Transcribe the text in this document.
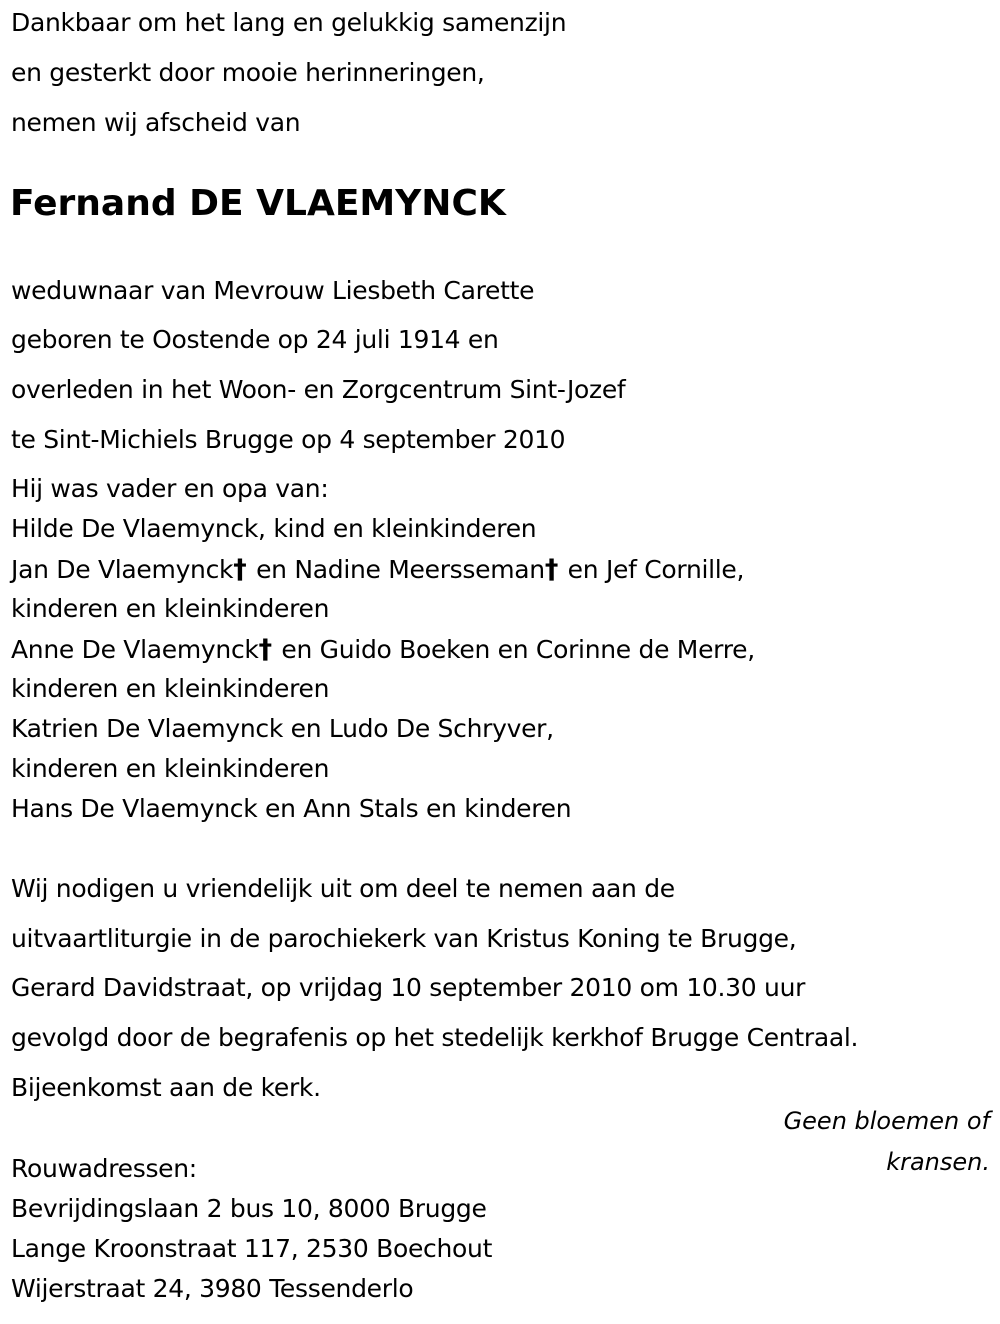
Dankbaar om het lang en gelukkig samenzijn
en gesterkt door mooie herinneringen,
nemen wij afscheid van
Fernand DE VLAEMYNCK
weduwnaar van Mevrouw Liesbeth Carette
geboren te Oostende op 24 juli 1914 en
overleden in het Woon- en Zorgcentrum Sint-Jozef
te Sint-Michiels Brugge op 4 september 2010
Hij was vader en opa van:
Hilde De Vlaemynck, kind en kleinkinderen
Jan De Vlaemynck† en Nadine Meersseman† en Jef Cornille,
kinderen en kleinkinderen
Anne De Vlaemynck† en Guido Boeken en Corinne de Merre,
kinderen en kleinkinderen
Katrien De Vlaemynck en Ludo De Schryver,
kinderen en kleinkinderen
Hans De Vlaemynck en Ann Stals en kinderen
Wij nodigen u vriendelijk uit om deel te nemen aan de
uitvaartliturgie in de parochiekerk van Kristus Koning te Brugge,
Gerard Davidstraat, op vrijdag 10 september 2010 om 10.30 uur
gevolgd door de begrafenis op het stedelijk kerkhof Brugge Centraal.
Bijeenkomst aan de kerk.
Geen bloemen of
kransen.
Rouwadressen:
Bevrijdingslaan 2 bus 10, 8000 Brugge
Lange Kroonstraat 117, 2530 Boechout
Wijerstraat 24, 3980 Tessenderlo
